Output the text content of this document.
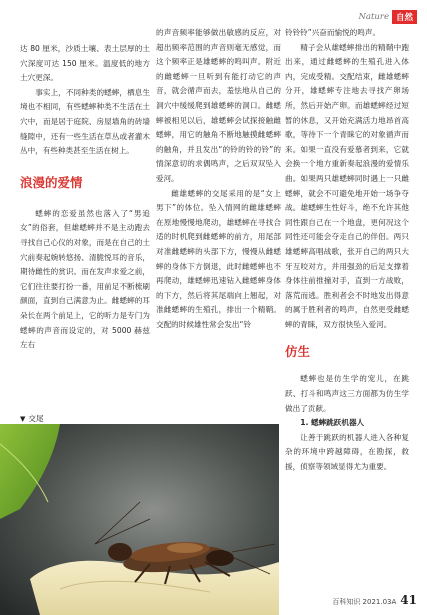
Nature 自然

达 80 厘米，沙质土壤、表土层厚的土穴深度可达 150 厘米。温度低的地方土穴更深。

事实上，不同种类的蟋蟀，栖息生境也不相同，有些蟋蟀种类不生活在土穴中，而是居于庭院、房屋墙角的砖墙缝隙中，还有一些生活在草丛或者灌木丛中，有些种类甚至生活在树上。

浪漫的爱情

蟋蟀的恋爱虽然也落入了“男追女”的俗套，但雄蟋蟀并不是主动跑去寻找自己心仪的对象，而是在自己的土穴前奏起婉转悠扬、清脆悦耳的音乐，期待雌性的赏识。而在发声求爱之前，它们往往要打扮一番，用前足不断梳刷颜面，直到自己满意为止。雌蟋蟀的耳朵长在两个前足上，它的听力是专门为蟋蟀的声音而设定的，对 5000 赫兹左右

的声音频率能够做出敏感的反应，对超出频率范围的声音则毫无感觉，而这个频率正是雄蟋蟀的鸣叫声。附近的雌蟋蟀一旦听到有能打动它的声音，就会循声而去，羞怯地从自己的洞穴中缓缓爬到雄蟋蟀的洞口。雌蟋蟀被相见以后，雄蟋蟀会试探接触雌蟋蟀，用它的触角不断地触摸雌蟋蟀的触角，并且发出“的铃的铃的铃”的情深意切的求偶鸣声，之后双双坠入爱河。

雌雄蟋蟀的交尾采用的是“女上男下”的体位。坠入情网的雌雄蟋蟀在原地慢慢地爬动，雄蟋蟀在寻找合适的时机爬到雌蟋蟀的前方，用尾部对准雌蟋蟀的头部下方，慢慢从雌蟋蟀的身体下方倒退，此时雌蟋蟀也不再爬动，雄蟋蟀迅速钻入雌蟋蟀身体的下方，然后将其尾端向上翘起，对准雌蟋蟀的生殖孔，排出一个精鞘。交配的时候雄性常会发出“铃

铃铃铃”兴奋而愉悦的鸣声。

精子会从雄蟋蟀排出的精鞘中跑出来，通过雌蟋蟀的生殖孔进入体内，完成受精。交配结束，雌雄蟋蟀分开，雄蟋蟀专注地去寻找产卵场所，然后开始产卵。而雄蟋蟀经过短暂的休息，又开始充满活力地昂首高歌，等待下一个青睐它的对象循声而来。如果一直没有爱慕者到来，它就会换一个地方重新奏起浪漫的爱情乐曲。如果两只雄蟋蟀同时遇上一只雌蟋蟀，就会不可避免地开始一场争夺战。雄蟋蟀生性好斗，绝不允许其他同性跟自己在一个地盘，更何况这个同性还可能会夺走自己的伴侣。两只雄蟋蟀高唱战歌，张开自己的两只大牙互咬对方，并用强劲的后足支撑着身体往前推撞对手，直到一方战败，落荒而逃。胜利者会不时地发出得意的属于胜利者的鸣声，自然更受雌蟋蟀的青睐，双方很快坠入爱河。

仿生

蟋蟀也是仿生学的宠儿，在跳跃、打斗和鸣声这三方面都为仿生学做出了贡献。

1. 蟋蟀跳跃机器人

让善于跳跃的机器人进入各种复杂的环境中跨越障碍，在勘探，救援，侦察等领域显得尤为重要。

▼ 交尾
百科知识 2021.03A 41
